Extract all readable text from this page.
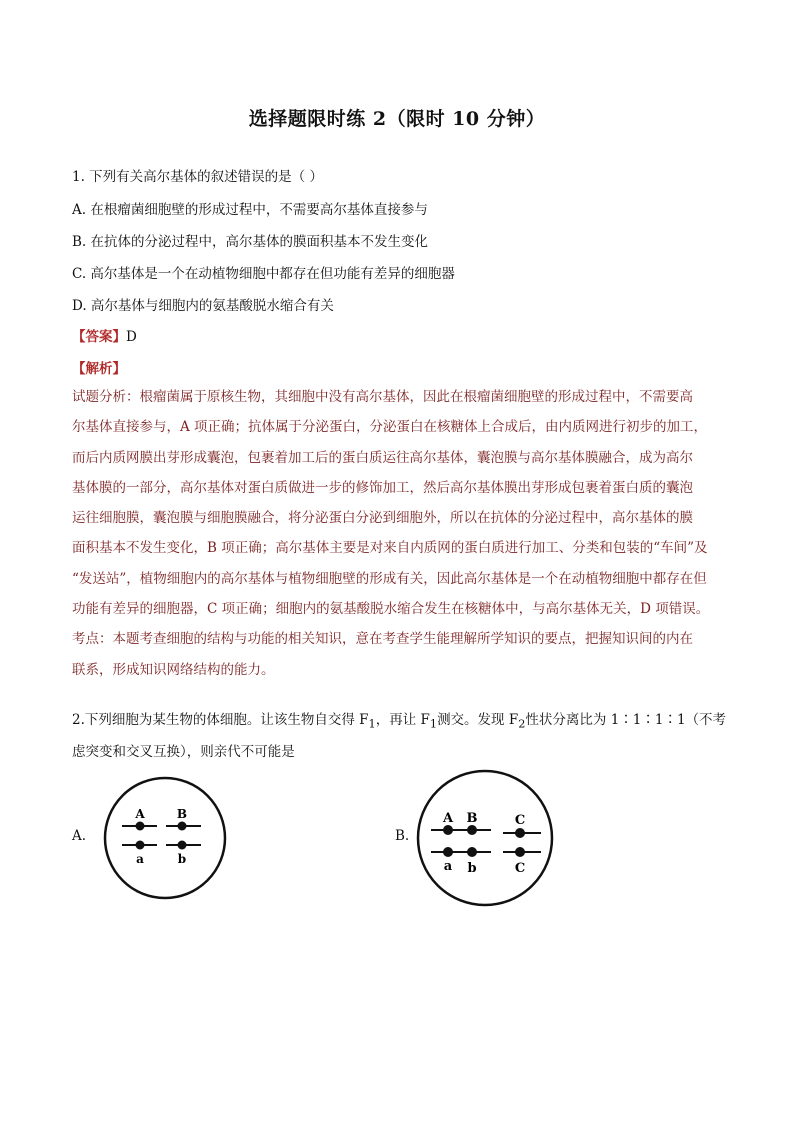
选择题限时练 2（限时 10 分钟）
1. 下列有关高尔基体的叙述错误的是（ ）
A. 在根瘤菌细胞壁的形成过程中，不需要高尔基体直接参与
B. 在抗体的分泌过程中，高尔基体的膜面积基本不发生变化
C. 高尔基体是一个在动植物细胞中都存在但功能有差异的细胞器
D. 高尔基体与细胞内的氨基酸脱水缩合有关
【答案】D
【解析】
试题分析：根瘤菌属于原核生物，其细胞中没有高尔基体，因此在根瘤菌细胞壁的形成过程中，不需要高
尔基体直接参与，A 项正确；抗体属于分泌蛋白，分泌蛋白在核糖体上合成后，由内质网进行初步的加工，
而后内质网膜出芽形成囊泡，包裹着加工后的蛋白质运往高尔基体，囊泡膜与高尔基体膜融合，成为高尔
基体膜的一部分，高尔基体对蛋白质做进一步的修饰加工，然后高尔基体膜出芽形成包裹着蛋白质的囊泡
运往细胞膜，囊泡膜与细胞膜融合，将分泌蛋白分泌到细胞外，所以在抗体的分泌过程中，高尔基体的膜
面积基本不发生变化，B 项正确；高尔基体主要是对来自内质网的蛋白质进行加工、分类和包装的“车间”及
“发送站”，植物细胞内的高尔基体与植物细胞壁的形成有关，因此高尔基体是一个在动植物细胞中都存在但
功能有差异的细胞器，C 项正确；细胞内的氨基酸脱水缩合发生在核糖体中，与高尔基体无关，D 项错误。
考点：本题考查细胞的结构与功能的相关知识，意在考查学生能理解所学知识的要点，把握知识间的内在
联系，形成知识网络结构的能力。
2.下列细胞为某生物的体细胞。让该生物自交得 $F_1$，再让 $F_1$测交。发现 $F_2$性状分离比为 1∶1∶1∶1（不考
虑突变和交叉互换），则亲代不可能是
A.
A	B
a	b
B.
A B	C
a b	C
